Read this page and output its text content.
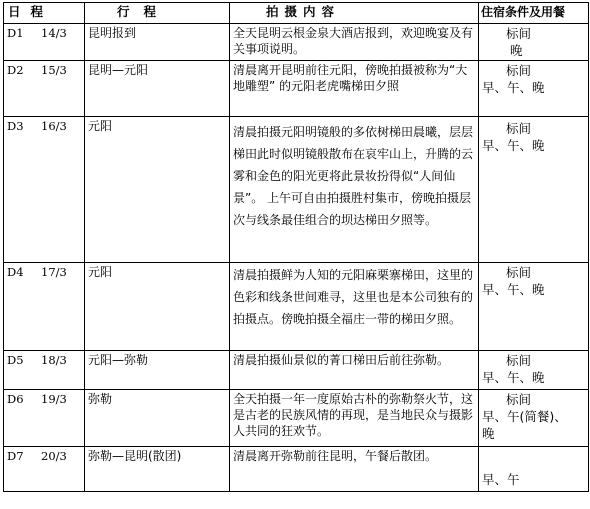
日程	行程	拍摄内容	住宿条件及用餐
D1 14/3	昆明报到	全天昆明云根金泉大酒店报到，欢迎晚宴及有关事项说明。	标间
晚

D2 15/3	昆明—元阳	清晨离开昆明前往元阳，傍晚拍摄被称为“大地雕塑” 的元阳老虎嘴梯田夕照	标间
早、午、晚

D3 16/3	元阳	清晨拍摄元阳明镜般的多依树梯田晨曦，层层梯田此时似明镜般散布在哀牢山上，升腾的云雾和金色的阳光更将此景妆扮得似“人间仙景”。 上午可自由拍摄胜村集市，傍晚拍摄层次与线条最佳组合的坝达梯田夕照等。	标间
早、午、晚

D4 17/3	元阳	清晨拍摄鲜为人知的元阳麻栗寨梯田，这里的色彩和线条世间难寻，这里也是本公司独有的拍摄点。傍晚拍摄全福庄一带的梯田夕照。	标间
早、午、晚

D5 18/3	元阳—弥勒	清晨拍摄仙景似的菁口梯田后前往弥勒。	标间
早、午、晚

D6 19/3	弥勒	全天拍摄一年一度原始古朴的弥勒祭火节，这是古老的民族风情的再现，是当地民众与摄影人共同的狂欢节。	标间
早、午(简餐)、
晚

D7 20/3	弥勒—昆明(散团)	清晨离开弥勒前往昆明，午餐后散团。	早、午
